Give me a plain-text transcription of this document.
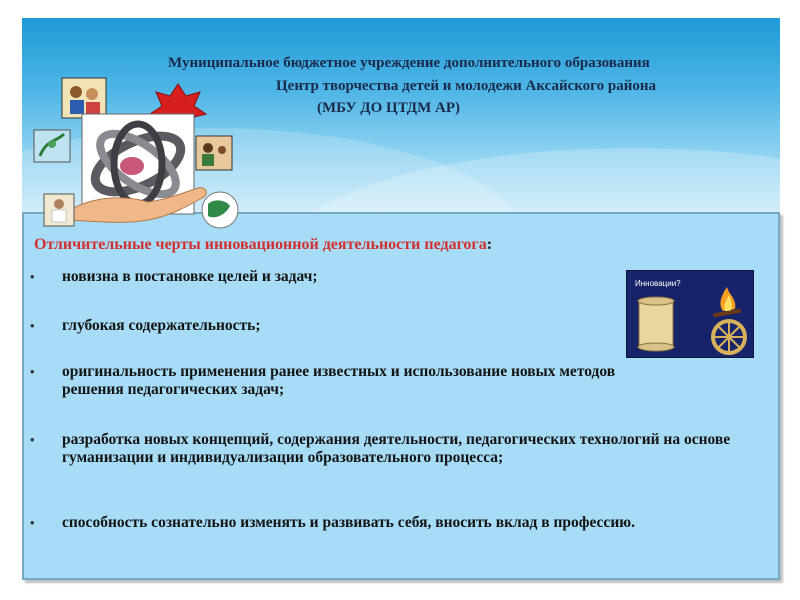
Муниципальное бюджетное учреждение дополнительного образования
Центр творчества детей и молодежи Аксайского района
(МБУ ДО ЦТДМ АР)
Отличительные черты инновационной деятельности педагога:
• новизна в постановке целей и задач;
• глубокая содержательность;
• оригинальность применения ранее известных и использование новых методов решения педагогических задач;
• разработка новых концепций, содержания деятельности, педагогических технологий на основе гуманизации и индивидуализации образовательного процесса;
• способность сознательно изменять и развивать себя, вносить вклад в профессию.
Инновации?
